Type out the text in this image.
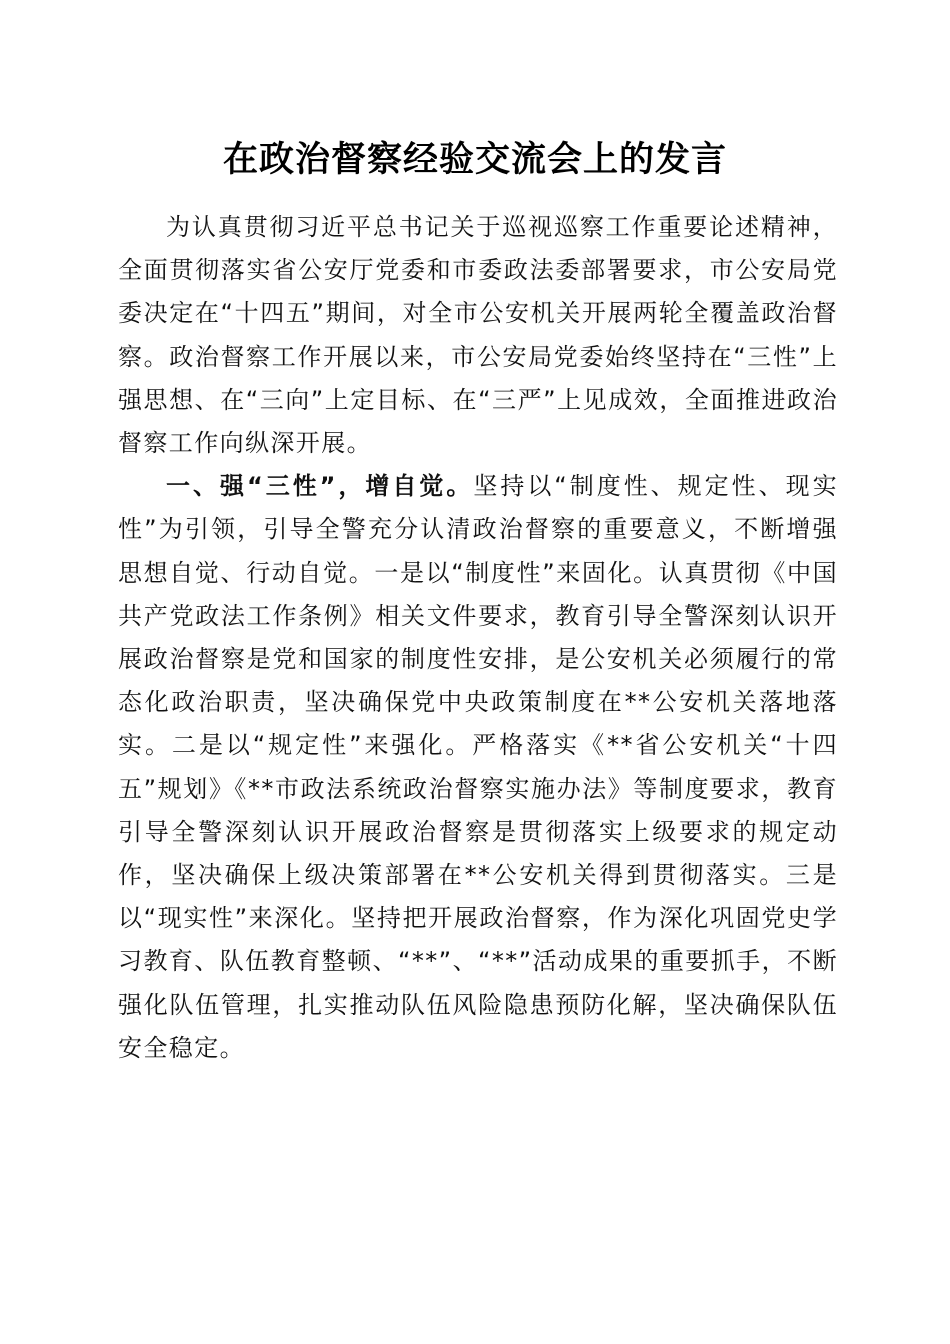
在政治督察经验交流会上的发言

为认真贯彻习近平总书记关于巡视巡察工作重要论述精神，全面贯彻落实省公安厅党委和市委政法委部署要求，市公安局党委决定在“十四五”期间，对全市公安机关开展两轮全覆盖政治督察。政治督察工作开展以来，市公安局党委始终坚持在“三性”上强思想、在“三向”上定目标、在“三严”上见成效，全面推进政治督察工作向纵深开展。

一、强“三性”，增自觉。坚持以“制度性、规定性、现实性”为引领，引导全警充分认清政治督察的重要意义，不断增强思想自觉、行动自觉。一是以“制度性”来固化。认真贯彻《中国共产党政法工作条例》相关文件要求，教育引导全警深刻认识开展政治督察是党和国家的制度性安排，是公安机关必须履行的常态化政治职责，坚决确保党中央政策制度在**公安机关落地落实。二是以“规定性”来强化。严格落实《**省公安机关“十四五”规划》《**市政法系统政治督察实施办法》等制度要求，教育引导全警深刻认识开展政治督察是贯彻落实上级要求的规定动作，坚决确保上级决策部署在**公安机关得到贯彻落实。三是以“现实性”来深化。坚持把开展政治督察，作为深化巩固党史学习教育、队伍教育整顿、“**”、“**”活动成果的重要抓手，不断强化队伍管理，扎实推动队伍风险隐患预防化解，坚决确保队伍安全稳定。
